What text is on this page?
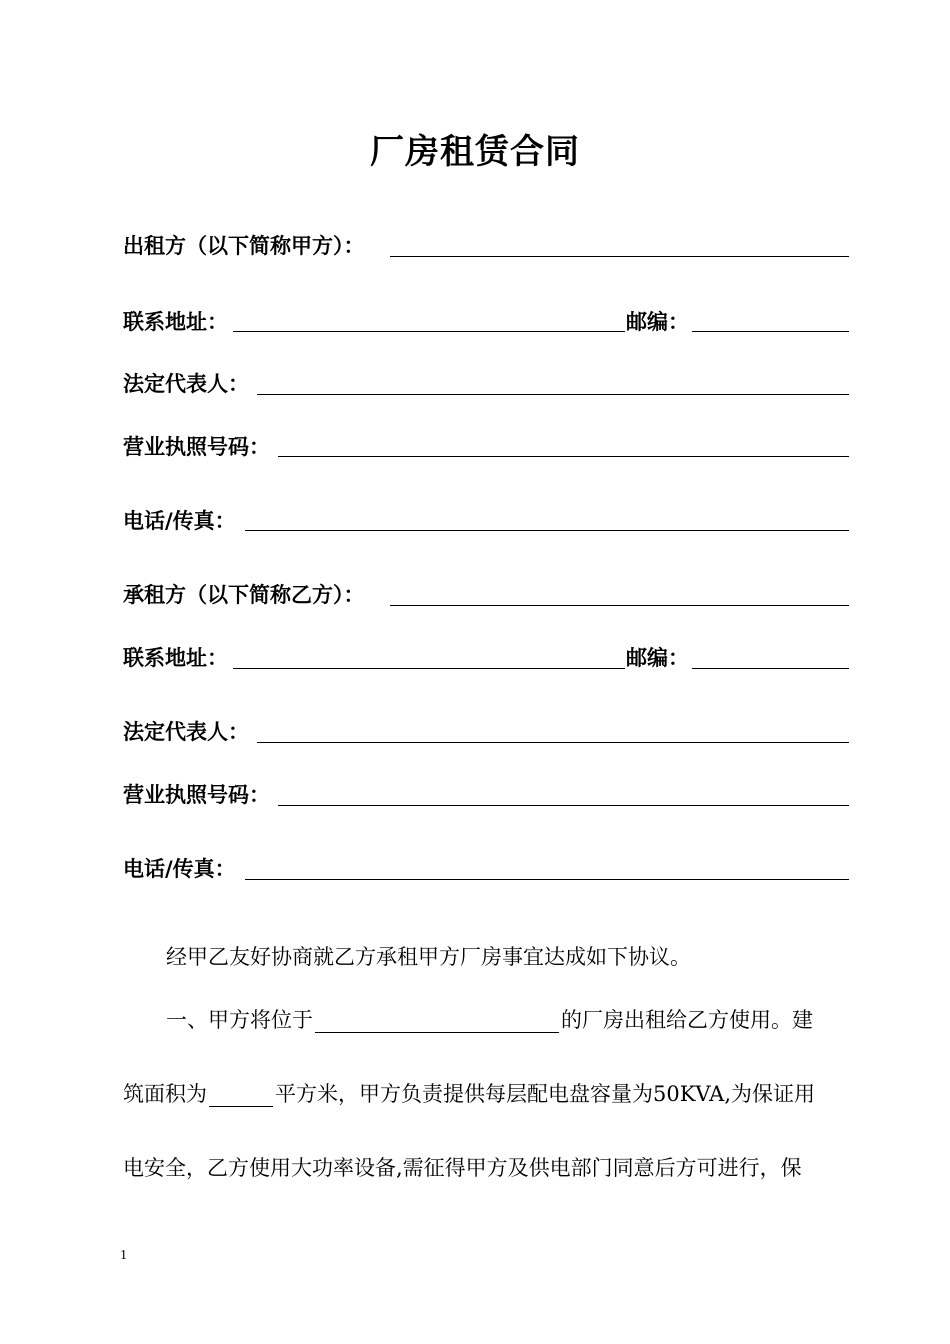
厂房租赁合同
出租方（以下简称甲方）：
联系地址：	邮编：
法定代表人：
营业执照号码：
电话/传真：
承租方（以下简称乙方）：
联系地址：	邮编：
法定代表人：
营业执照号码：
电话/传真：
经甲乙友好协商就乙方承租甲方厂房事宜达成如下协议。
一、甲方将位于	的厂房出租给乙方使用。建
筑面积为	平方米，甲方负责提供每层配电盘容量为50KVA,为保证用
电安全，乙方使用大功率设备,需征得甲方及供电部门同意后方可进行，保
1
